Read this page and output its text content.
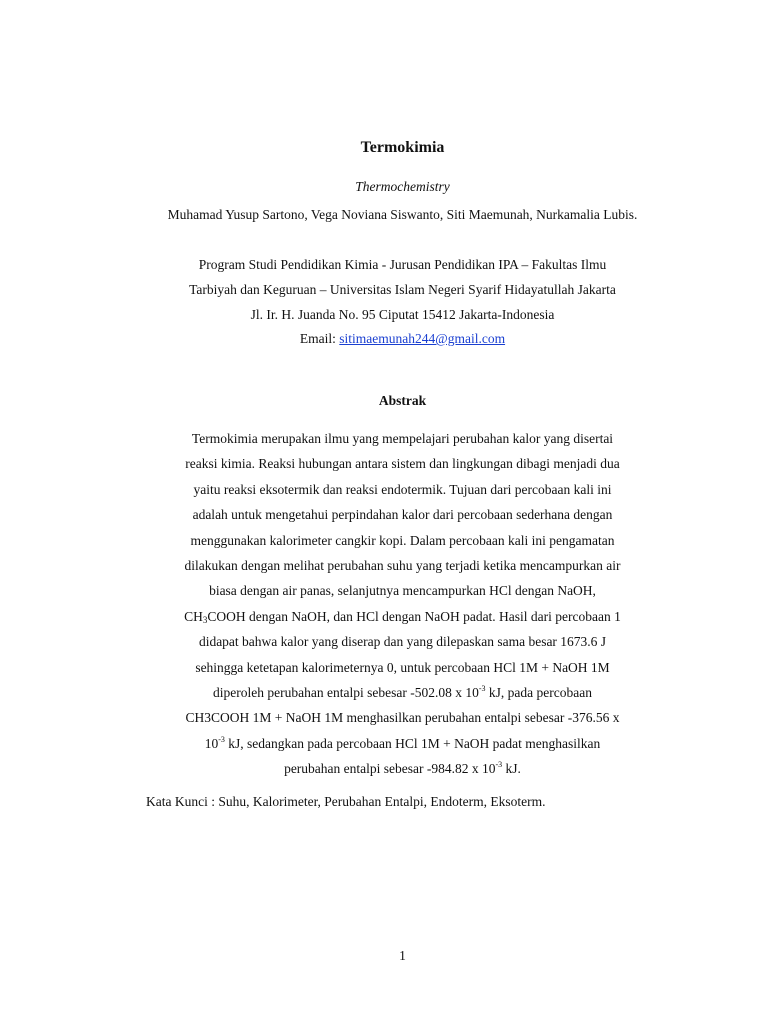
Termokimia
Thermochemistry
Muhamad Yusup Sartono, Vega Noviana Siswanto, Siti Maemunah, Nurkamalia Lubis.
Program Studi Pendidikan Kimia - Jurusan Pendidikan IPA – Fakultas Ilmu
Tarbiyah dan Keguruan – Universitas Islam Negeri Syarif Hidayatullah Jakarta
Jl. Ir. H. Juanda No. 95 Ciputat 15412 Jakarta-Indonesia
Email: sitimaemunah244@gmail.com
Abstrak
Termokimia merupakan ilmu yang mempelajari perubahan kalor yang disertai
reaksi kimia. Reaksi hubungan antara sistem dan lingkungan dibagi menjadi dua
yaitu reaksi eksotermik dan reaksi endotermik. Tujuan dari percobaan kali ini
adalah untuk mengetahui perpindahan kalor dari percobaan sederhana dengan
menggunakan kalorimeter cangkir kopi. Dalam percobaan kali ini pengamatan
dilakukan dengan melihat perubahan suhu yang terjadi ketika mencampurkan air
biasa dengan air panas, selanjutnya mencampurkan HCl dengan NaOH,
$CH_3COOH$ dengan NaOH, dan HCl dengan NaOH padat. Hasil dari percobaan 1
didapat bahwa kalor yang diserap dan yang dilepaskan sama besar 1673.6 J
sehingga ketetapan kalorimeternya 0, untuk percobaan HCl 1M + NaOH 1M
diperoleh perubahan entalpi sebesar -502.08 x $10^{-3}$ kJ, pada percobaan
CH3COOH 1M + NaOH 1M menghasilkan perubahan entalpi sebesar -376.56 x
$10^{-3}$ kJ, sedangkan pada percobaan HCl 1M + NaOH padat menghasilkan
perubahan entalpi sebesar -984.82 x $10^{-3}$ kJ.
Kata Kunci : Suhu, Kalorimeter, Perubahan Entalpi, Endoterm, Eksoterm.
1
